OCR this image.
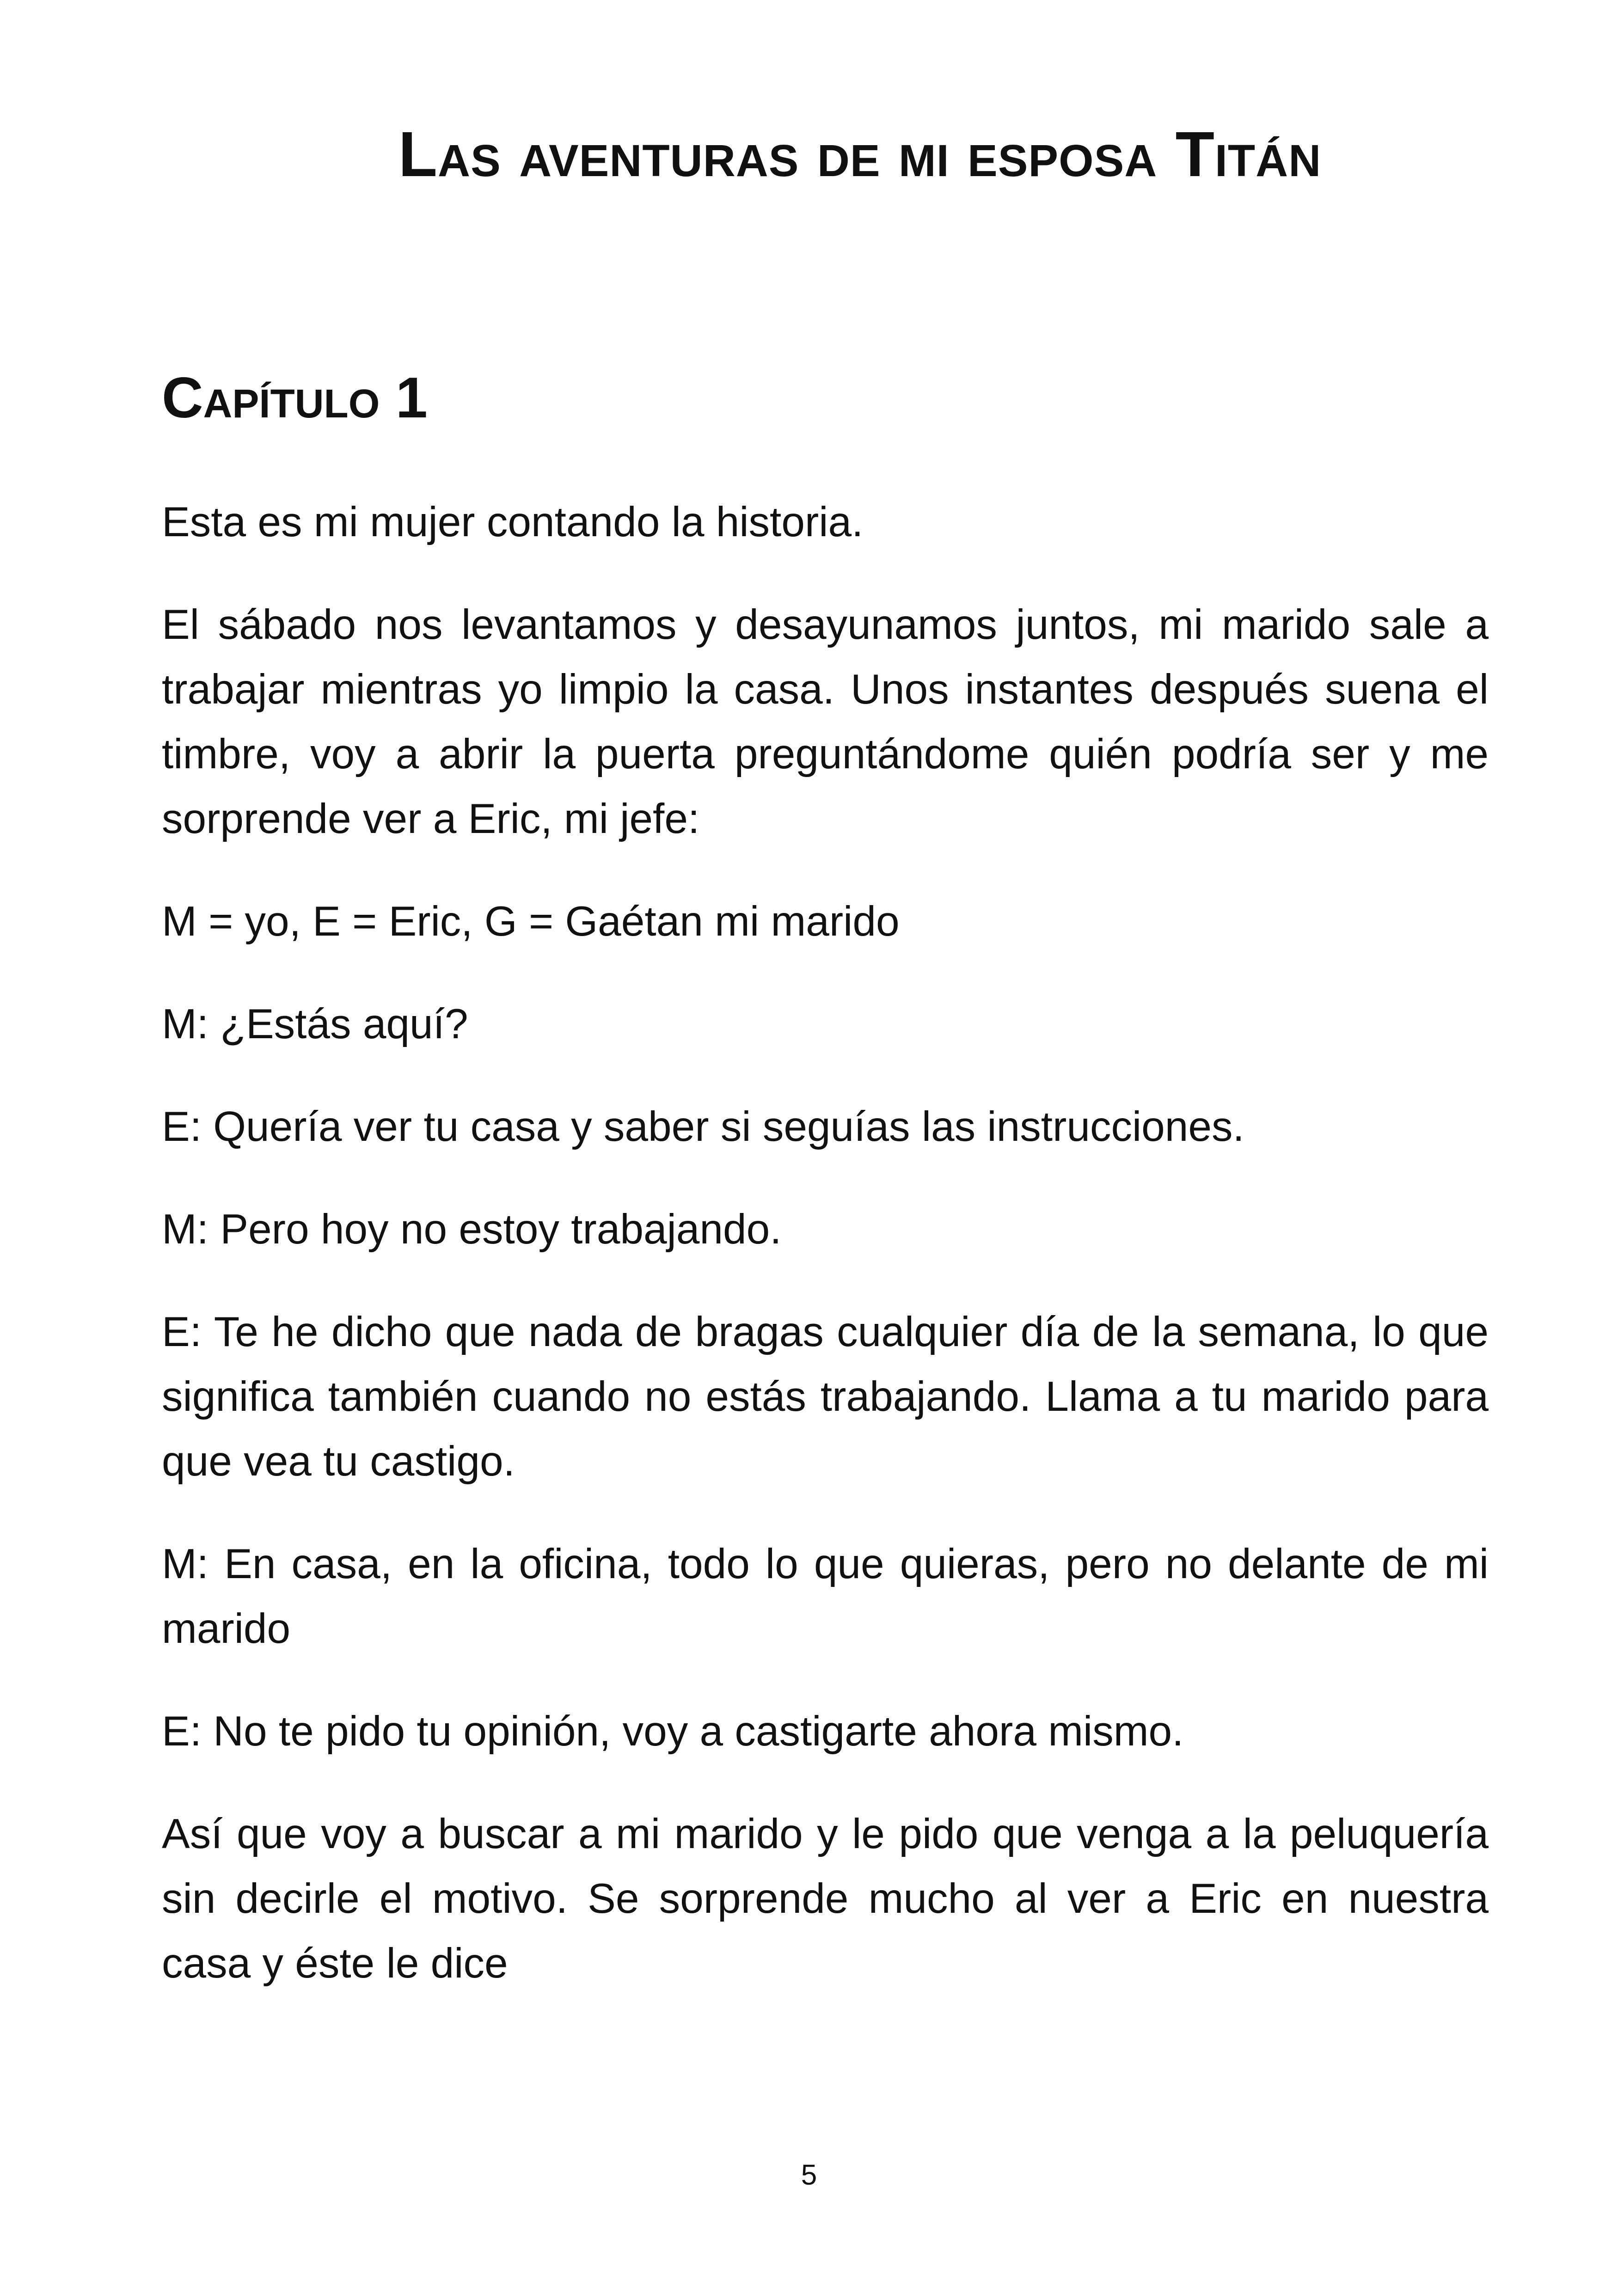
Las aventuras de mi esposa Titán
Capítulo 1

Esta es mi mujer contando la historia.

El sábado nos levantamos y desayunamos juntos, mi marido sale a trabajar mientras yo limpio la casa. Unos instantes después suena el timbre, voy a abrir la puerta preguntándome quién podría ser y me sorprende ver a Eric, mi jefe:

M = yo, E = Eric, G = Gaétan mi marido

M: ¿Estás aquí?

E: Quería ver tu casa y saber si seguías las instrucciones.

M: Pero hoy no estoy trabajando.

E: Te he dicho que nada de bragas cualquier día de la semana, lo que significa también cuando no estás trabajando. Llama a tu marido para que vea tu castigo.

M: En casa, en la oficina, todo lo que quieras, pero no delante de mi marido

E: No te pido tu opinión, voy a castigarte ahora mismo.

Así que voy a buscar a mi marido y le pido que venga a la peluquería sin decirle el motivo. Se sorprende mucho al ver a Eric en nuestra casa y éste le dice

5
